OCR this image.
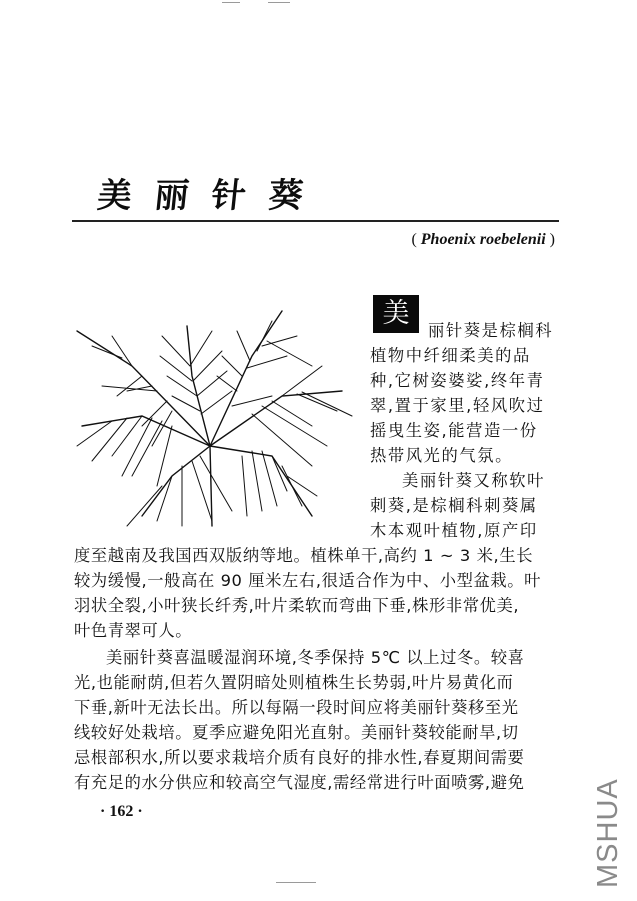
美丽针葵
( Phoenix roebelenii )
美
丽针葵是棕榈科
植物中纤细柔美的品
种,它树姿婆娑,终年青
翠,置于家里,轻风吹过
摇曳生姿,能营造一份
热带风光的气氛。
美丽针葵又称软叶
刺葵,是棕榈科刺葵属
木本观叶植物,原产印
度至越南及我国西双版纳等地。植株单干,高约 1 ~ 3 米,生长
较为缓慢,一般高在 90 厘米左右,很适合作为中、小型盆栽。叶
羽状全裂,小叶狭长纤秀,叶片柔软而弯曲下垂,株形非常优美,
叶色青翠可人。
美丽针葵喜温暖湿润环境,冬季保持 5℃ 以上过冬。较喜
光,也能耐荫,但若久置阴暗处则植株生长势弱,叶片易黄化而
下垂,新叶无法长出。所以每隔一段时间应将美丽针葵移至光
线较好处栽培。夏季应避免阳光直射。美丽针葵较能耐旱,切
忌根部积水,所以要求栽培介质有良好的排水性,春夏期间需要
有充足的水分供应和较高空气湿度,需经常进行叶面喷雾,避免
· 162 ·	MSHUA
